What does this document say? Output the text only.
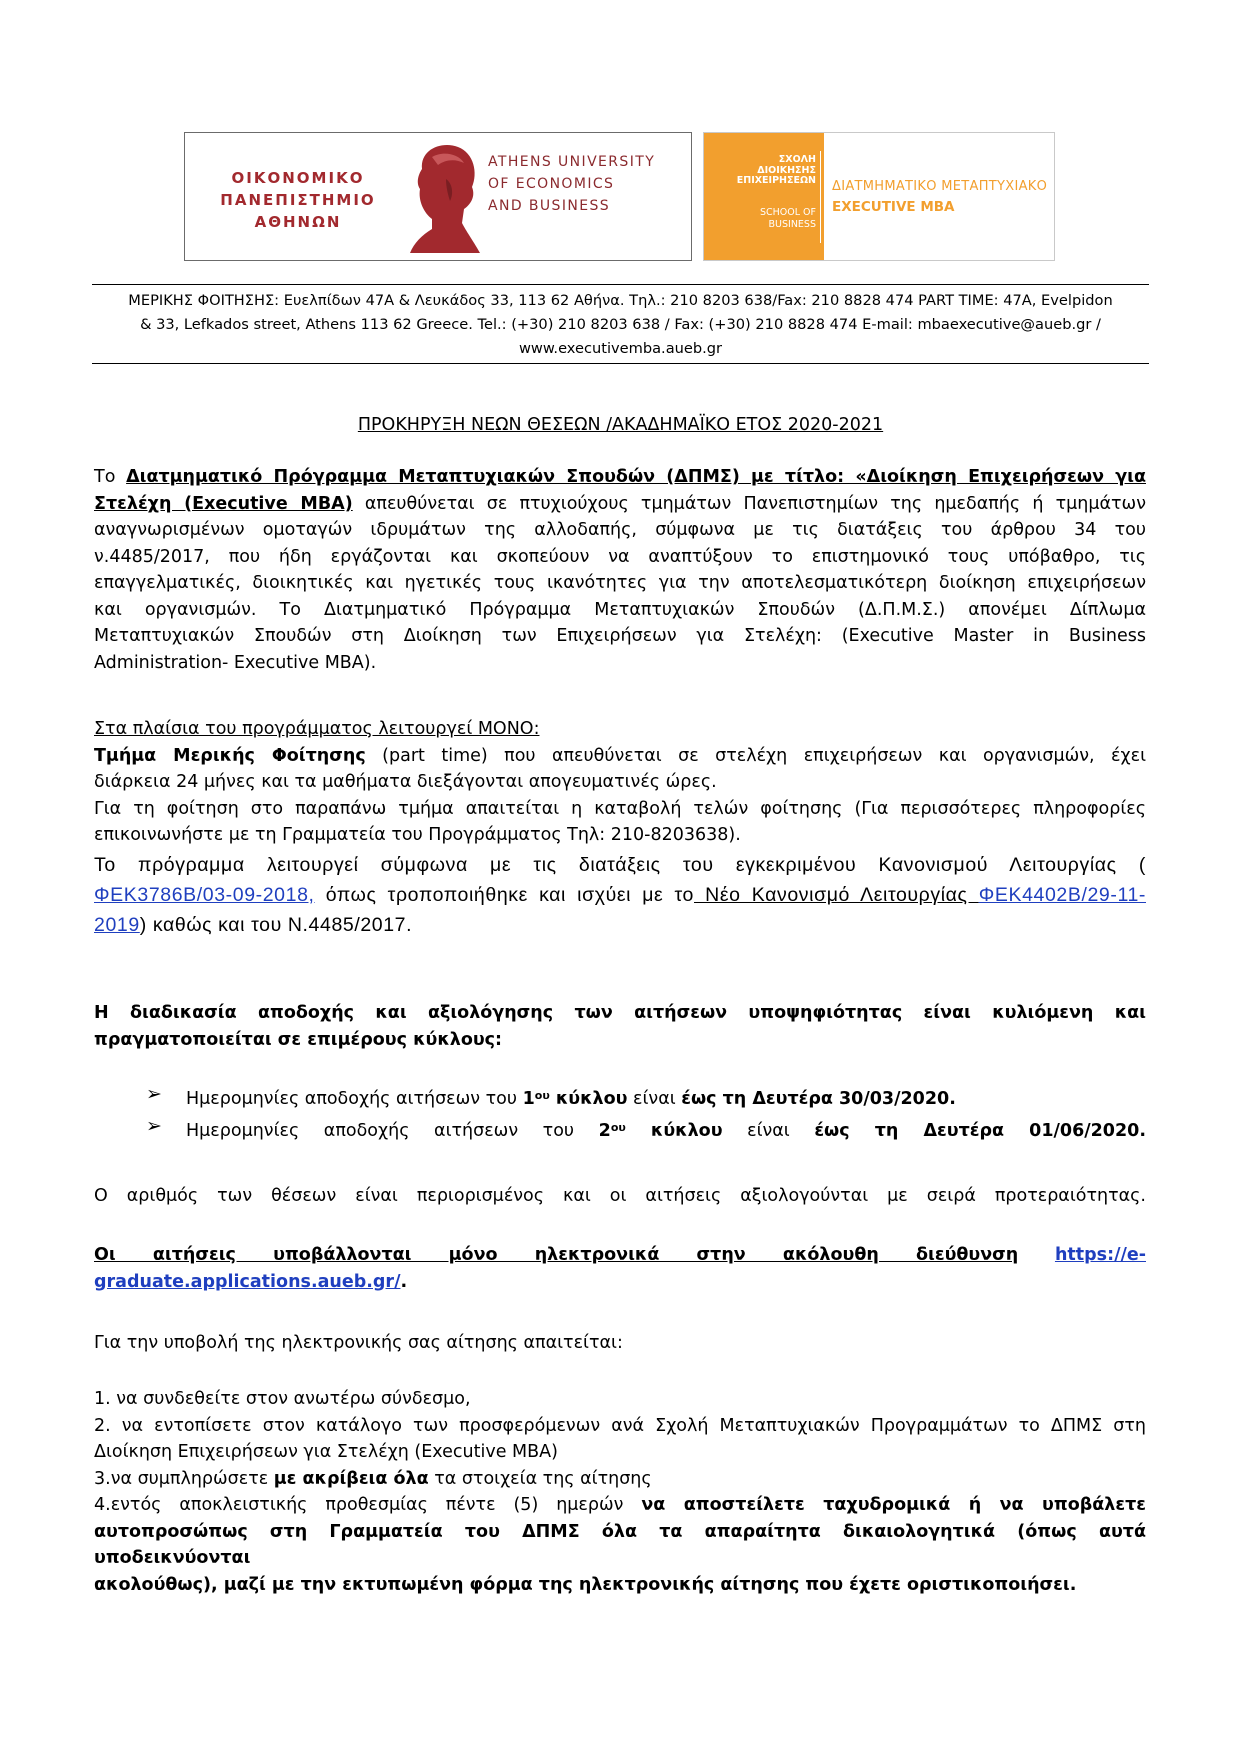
ΟΙΚΟΝΟΜΙΚΟ
ΠΑΝΕΠΙΣΤΗΜΙΟ
ΑΘΗΝΩΝ
ATHENS UNIVERSITY
OF ECONOMICS
AND BUSINESS
ΣΧΟΛΗ
ΔΙΟΙΚΗΣΗΣ
ΕΠΙΧΕΙΡΗΣΕΩΝ
SCHOOL OF
BUSINESS
ΔΙΑΤΜΗΜΑΤΙΚΟ ΜΕΤΑΠΤΥΧΙΑΚΟ
EXECUTIVE MBA
ΜΕΡΙΚΗΣ ΦΟΙΤΗΣΗΣ: Ευελπίδων 47Α & Λευκάδος 33, 113 62 Αθήνα. Τηλ.: 210 8203 638/Fax: 210 8828 474 PART TIME: 47A, Evelpidon
& 33, Lefkados street, Athens 113 62 Greece. Tel.: (+30) 210 8203 638 / Fax: (+30) 210 8828 474 E-mail: mbaexecutive@aueb.gr /
www.executivemba.aueb.gr
ΠΡΟΚΗΡΥΞΗ ΝΕΩΝ ΘΕΣΕΩΝ /ΑΚΑΔΗΜΑΪΚΟ ΕΤΟΣ 2020-2021
Το Διατμηματικό Πρόγραμμα Μεταπτυχιακών Σπουδών (ΔΠΜΣ) με τίτλο: «Διοίκηση Επιχειρήσεων για
Στελέχη (Executive MBA) απευθύνεται σε πτυχιούχους τμημάτων Πανεπιστημίων της ημεδαπής ή τμημάτων
αναγνωρισμένων ομοταγών ιδρυμάτων της αλλοδαπής, σύμφωνα με τις διατάξεις του άρθρου 34 του
ν.4485/2017, που ήδη εργάζονται και σκοπεύουν να αναπτύξουν το επιστημονικό τους υπόβαθρο, τις
επαγγελματικές, διοικητικές και ηγετικές τους ικανότητες για την αποτελεσματικότερη διοίκηση επιχειρήσεων
και οργανισμών. Το Διατμηματικό Πρόγραμμα Μεταπτυχιακών Σπουδών (Δ.Π.Μ.Σ.) απονέμει Δίπλωμα
Μεταπτυχιακών Σπουδών στη Διοίκηση των Επιχειρήσεων για Στελέχη: (Executive Master in Business
Administration- Executive MBA).
Στα πλαίσια του προγράμματος λειτουργεί ΜΟΝΟ:
Τμήμα Μερικής Φοίτησης (part time) που απευθύνεται σε στελέχη επιχειρήσεων και οργανισμών, έχει
διάρκεια 24 μήνες και τα μαθήματα διεξάγονται απογευματινές ώρες.
Για τη φοίτηση στο παραπάνω τμήμα απαιτείται η καταβολή τελών φοίτησης (Για περισσότερες πληροφορίες
επικοινωνήστε με τη Γραμματεία του Προγράμματος Τηλ: 210-8203638).
Το πρόγραμμα λειτουργεί σύμφωνα με τις διατάξεις του εγκεκριμένου Κανονισμού Λειτουργίας (
ΦΕΚ3786Β/03-09-2018, όπως τροποποιήθηκε και ισχύει με το Νέο Κανονισμό Λειτουργίας ΦΕΚ4402Β/29-11-
2019) καθώς και του Ν.4485/2017.
Η διαδικασία αποδοχής και αξιολόγησης των αιτήσεων υποψηφιότητας είναι κυλιόμενη και
πραγματοποιείται σε επιμέρους κύκλους:
➢ Ημερομηνίες αποδοχής αιτήσεων του $1^{o\upsilon}$ κύκλου είναι έως τη Δευτέρα 30/03/2020.
➢ Ημερομηνίες αποδοχής αιτήσεων του $2^{o\upsilon}$ κύκλου είναι έως τη Δευτέρα 01/06/2020.
Ο αριθμός των θέσεων είναι περιορισμένος και οι αιτήσεις αξιολογούνται με σειρά προτεραιότητας.
Οι αιτήσεις υποβάλλονται μόνο ηλεκτρονικά στην ακόλουθη διεύθυνση https://e-
graduate.applications.aueb.gr/.
Για την υποβολή της ηλεκτρονικής σας αίτησης απαιτείται:
1. να συνδεθείτε στον ανωτέρω σύνδεσμο,
2. να εντοπίσετε στον κατάλογο των προσφερόμενων ανά Σχολή Μεταπτυχιακών Προγραμμάτων το ΔΠΜΣ στη
Διοίκηση Επιχειρήσεων για Στελέχη (Executive MBA)
3.να συμπληρώσετε με ακρίβεια όλα τα στοιχεία της αίτησης
4.εντός αποκλειστικής προθεσμίας πέντε (5) ημερών να αποστείλετε ταχυδρομικά ή να υποβάλετε
αυτοπροσώπως στη Γραμματεία του ΔΠΜΣ όλα τα απαραίτητα δικαιολογητικά (όπως αυτά υποδεικνύονται
ακολούθως), μαζί με την εκτυπωμένη φόρμα της ηλεκτρονικής αίτησης που έχετε οριστικοποιήσει.
